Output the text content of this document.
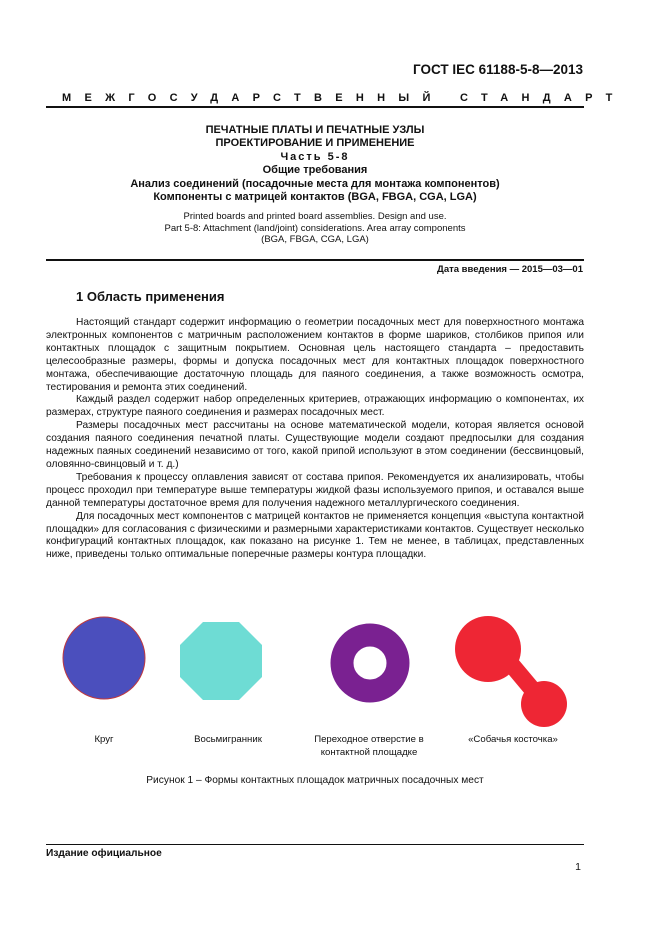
ГОСТ IEC 61188-5-8—2013
МЕЖГОСУДАРСТВЕННЫЙ СТАНДАРТ
ПЕЧАТНЫЕ ПЛАТЫ И ПЕЧАТНЫЕ УЗЛЫ
ПРОЕКТИРОВАНИЕ И ПРИМЕНЕНИЕ
Часть 5-8
Общие требования
Анализ соединений (посадочные места для монтажа компонентов)
Компоненты с матрицей контактов (BGA, FBGA, CGA, LGA)
Printed boards and printed board assemblies. Design and use.
Part 5-8: Attachment (land/joint) considerations. Area array components
(BGA, FBGA, CGA, LGA)
Дата введения — 2015—03—01
1 Область применения

Настоящий стандарт содержит информацию о геометрии посадочных мест для поверхностного монтажа электронных компонентов с матричным расположением контактов в форме шариков, столбиков припоя или контактных площадок с защитным покрытием. Основная цель настоящего стандарта – предоставить целесообразные размеры, формы и допуска посадочных мест для контактных площадок поверхностного монтажа, обеспечивающие достаточную площадь для паяного соединения, а также возможность осмотра, тестирования и ремонта этих соединений.

Каждый раздел содержит набор определенных критериев, отражающих информацию о компонентах, их размерах, структуре паяного соединения и размерах посадочных мест.

Размеры посадочных мест рассчитаны на основе математической модели, которая является основой создания паяного соединения печатной платы. Существующие модели создают предпосылки для создания надежных паяных соединений независимо от того, какой припой используют в этом соединении (бессвинцовый, оловянно-свинцовый и т. д.)

Требования к процессу оплавления зависят от состава припоя. Рекомендуется их анализировать, чтобы процесс проходил при температуре выше температуры жидкой фазы используемого припоя, и оставался выше данной температуры достаточное время для получения надежного металлургического соединения.

Для посадочных мест компонентов с матрицей контактов не применяется концепция «выступа контактной площадки» для согласования с физическими и размерными характеристиками контактов. Существует несколько конфигураций контактных площадок, как показано на рисунке 1. Тем не менее, в таблицах, представленных ниже, приведены только оптимальные поперечные размеры контура площадки.

Круг	Восьмигранник	Переходное отверстие в контактной площадке
«Собачья косточка»
Рисунок 1 – Формы контактных площадок матричных посадочных мест
Издание официальное
1
